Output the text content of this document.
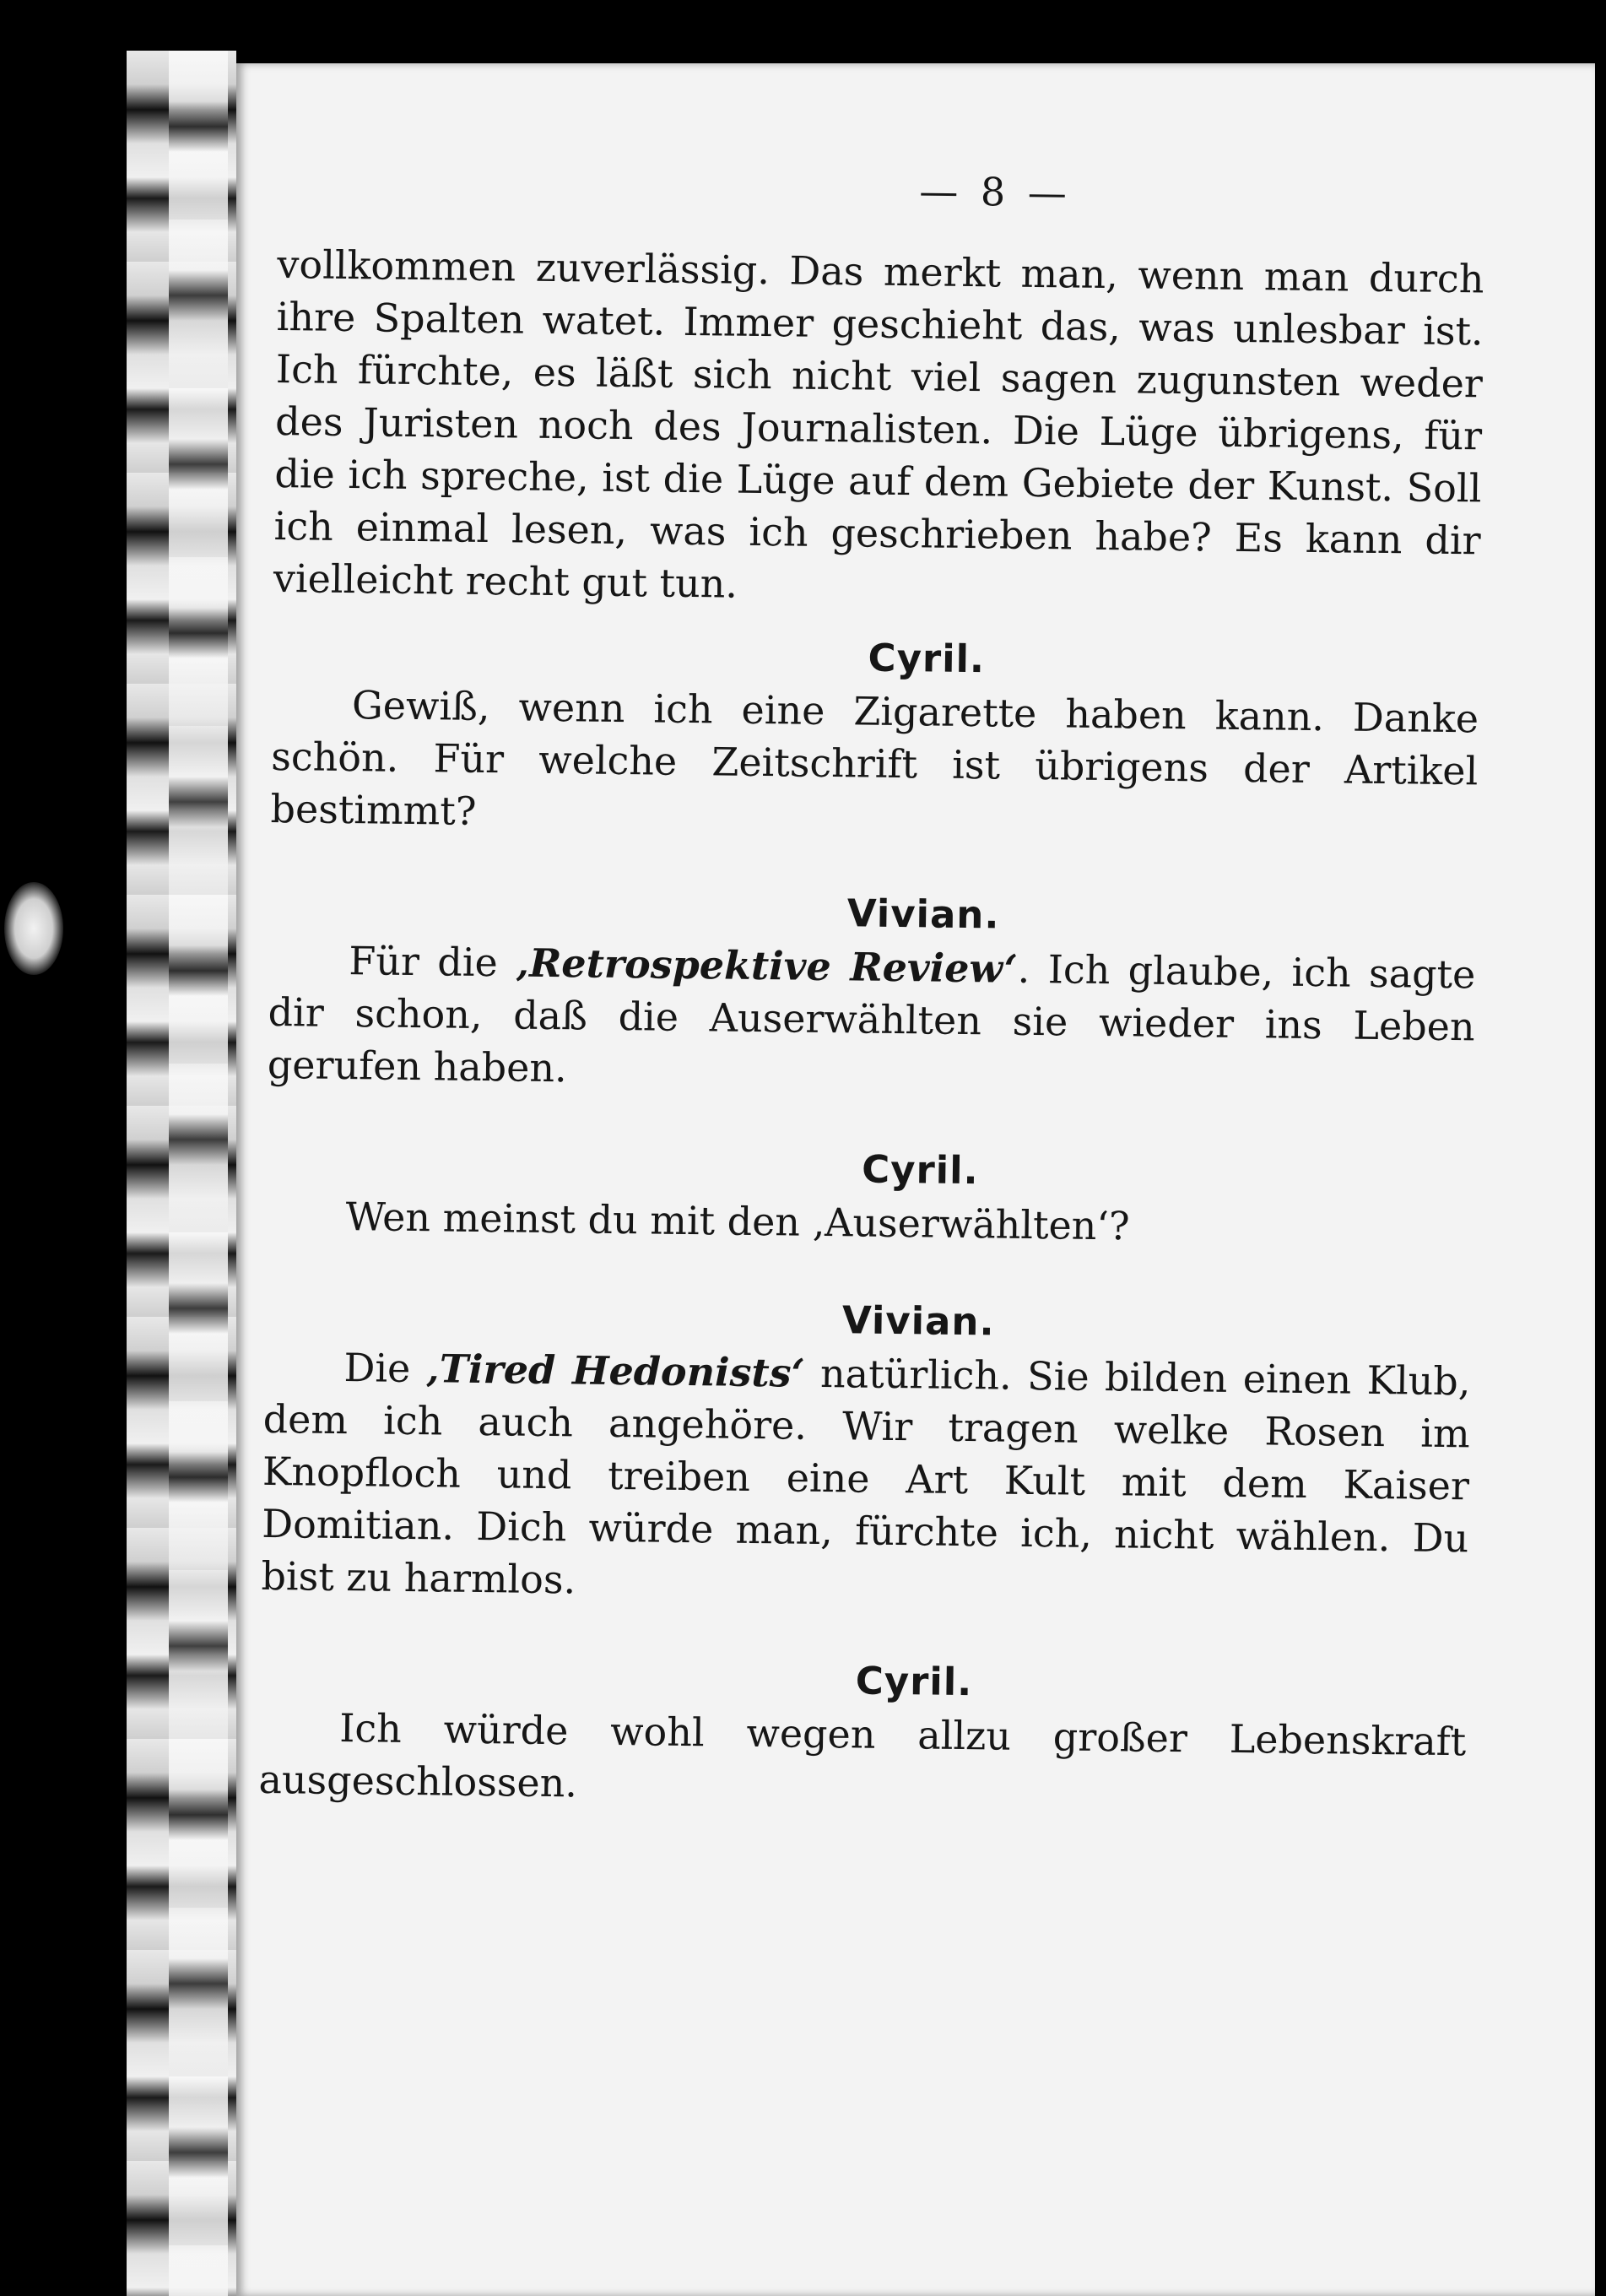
— 8 —

vollkommen zuverlässig. Das merkt man, wenn man durch ihre Spalten watet. Immer geschieht das, was unlesbar ist. Ich fürchte, es läßt sich nicht viel sagen zugunsten weder des Juristen noch des Journalisten. Die Lüge übrigens, für die ich spreche, ist die Lüge auf dem Gebiete der Kunst. Soll ich einmal lesen, was ich geschrieben habe? Es kann dir vielleicht recht gut tun.

Cyril.

Gewiß, wenn ich eine Zigarette haben kann. Danke schön. Für welche Zeitschrift ist übrigens der Artikel bestimmt?

Vivian.

Für die ‚Retrospektive Review‘. Ich glaube, ich sagte dir schon, daß die Auserwählten sie wieder ins Leben gerufen haben.

Cyril.

Wen meinst du mit den ‚Auserwählten‘?

Vivian.

Die ‚Tired Hedonists‘ natürlich. Sie bilden einen Klub, dem ich auch angehöre. Wir tragen welke Rosen im Knopfloch und treiben eine Art Kult mit dem Kaiser Domitian. Dich würde man, fürchte ich, nicht wählen. Du bist zu harmlos.

Cyril.

Ich würde wohl wegen allzu großer Lebenskraft ausgeschlossen.
